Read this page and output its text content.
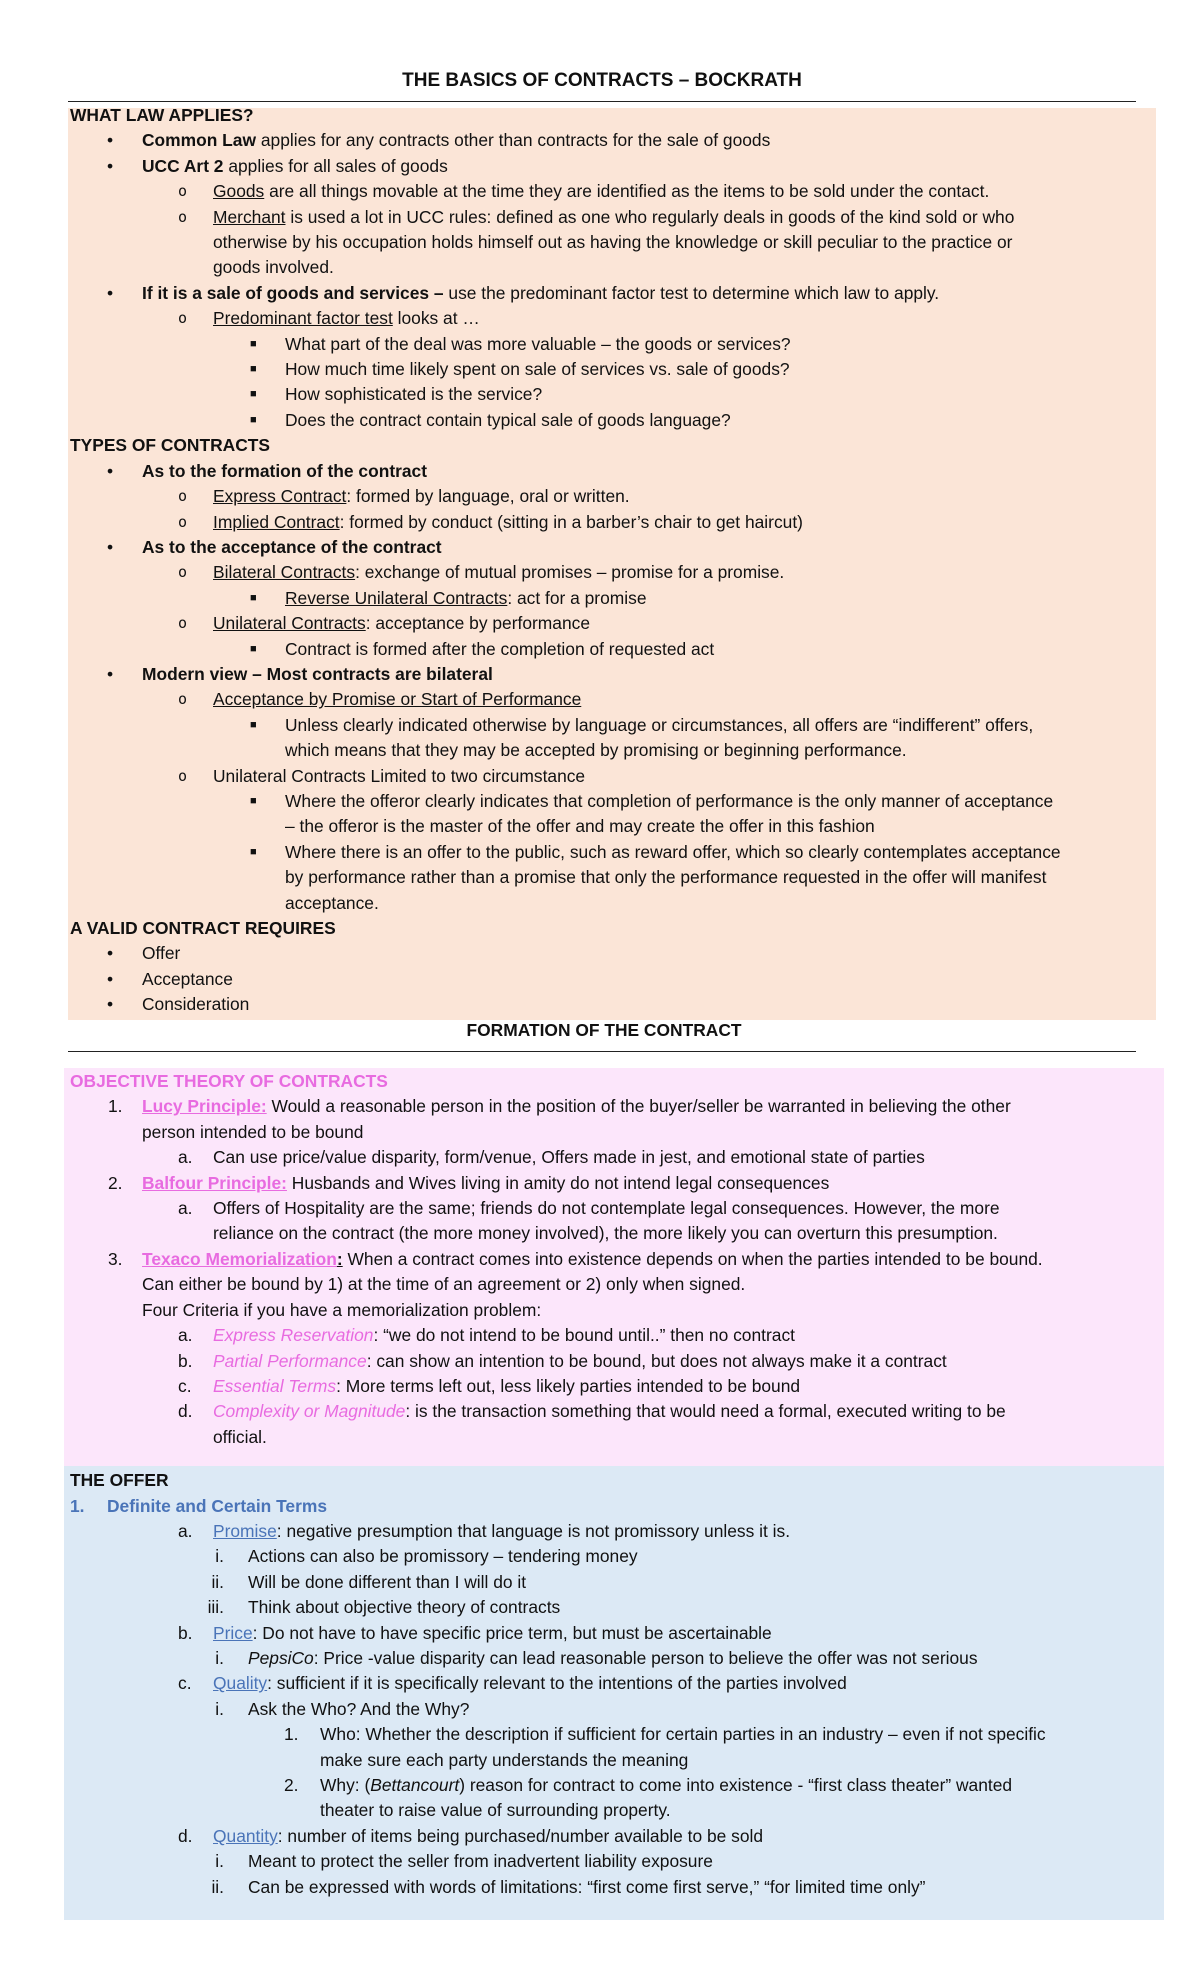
THE BASICS OF CONTRACTS – BOCKRATH
WHAT LAW APPLIES?
• Common Law applies for any contracts other than contracts for the sale of goods
• UCC Art 2 applies for all sales of goods
o Goods are all things movable at the time they are identified as the items to be sold under the contact.
o Merchant is used a lot in UCC rules: defined as one who regularly deals in goods of the kind sold or who
otherwise by his occupation holds himself out as having the knowledge or skill peculiar to the practice or
goods involved.
• If it is a sale of goods and services – use the predominant factor test to determine which law to apply.
o Predominant factor test looks at …
■ What part of the deal was more valuable – the goods or services?
■ How much time likely spent on sale of services vs. sale of goods?
■ How sophisticated is the service?
■ Does the contract contain typical sale of goods language?
TYPES OF CONTRACTS
• As to the formation of the contract
o Express Contract: formed by language, oral or written.
o Implied Contract: formed by conduct (sitting in a barber’s chair to get haircut)
• As to the acceptance of the contract
o Bilateral Contracts: exchange of mutual promises – promise for a promise.
■ Reverse Unilateral Contracts: act for a promise
o Unilateral Contracts: acceptance by performance
■ Contract is formed after the completion of requested act
• Modern view – Most contracts are bilateral
o Acceptance by Promise or Start of Performance
■ Unless clearly indicated otherwise by language or circumstances, all offers are “indifferent” offers,
which means that they may be accepted by promising or beginning performance.
o Unilateral Contracts Limited to two circumstance
■ Where the offeror clearly indicates that completion of performance is the only manner of acceptance
– the offeror is the master of the offer and may create the offer in this fashion
■ Where there is an offer to the public, such as reward offer, which so clearly contemplates acceptance
by performance rather than a promise that only the performance requested in the offer will manifest
acceptance.
A VALID CONTRACT REQUIRES
• Offer
• Acceptance
• Consideration
FORMATION OF THE CONTRACT
OBJECTIVE THEORY OF CONTRACTS
1. Lucy Principle: Would a reasonable person in the position of the buyer/seller be warranted in believing the other
person intended to be bound
a. Can use price/value disparity, form/venue, Offers made in jest, and emotional state of parties
2. Balfour Principle: Husbands and Wives living in amity do not intend legal consequences
a. Offers of Hospitality are the same; friends do not contemplate legal consequences. However, the more
reliance on the contract (the more money involved), the more likely you can overturn this presumption.
3. Texaco Memorialization: When a contract comes into existence depends on when the parties intended to be bound.
Can either be bound by 1) at the time of an agreement or 2) only when signed.
Four Criteria if you have a memorialization problem:
a. Express Reservation: “we do not intend to be bound until..” then no contract
b. Partial Performance: can show an intention to be bound, but does not always make it a contract
c. Essential Terms: More terms left out, less likely parties intended to be bound
d. Complexity or Magnitude: is the transaction something that would need a formal, executed writing to be
official.
THE OFFER
1. Definite and Certain Terms
a. Promise: negative presumption that language is not promissory unless it is.
i. Actions can also be promissory – tendering money
ii. Will be done different than I will do it
iii. Think about objective theory of contracts
b. Price: Do not have to have specific price term, but must be ascertainable
i. PepsiCo: Price -value disparity can lead reasonable person to believe the offer was not serious
c. Quality: sufficient if it is specifically relevant to the intentions of the parties involved
i. Ask the Who? And the Why?
1. Who: Whether the description if sufficient for certain parties in an industry – even if not specific
make sure each party understands the meaning
2. Why: (Bettancourt) reason for contract to come into existence - “first class theater” wanted
theater to raise value of surrounding property.
d. Quantity: number of items being purchased/number available to be sold
i. Meant to protect the seller from inadvertent liability exposure
ii. Can be expressed with words of limitations: “first come first serve,” “for limited time only”
